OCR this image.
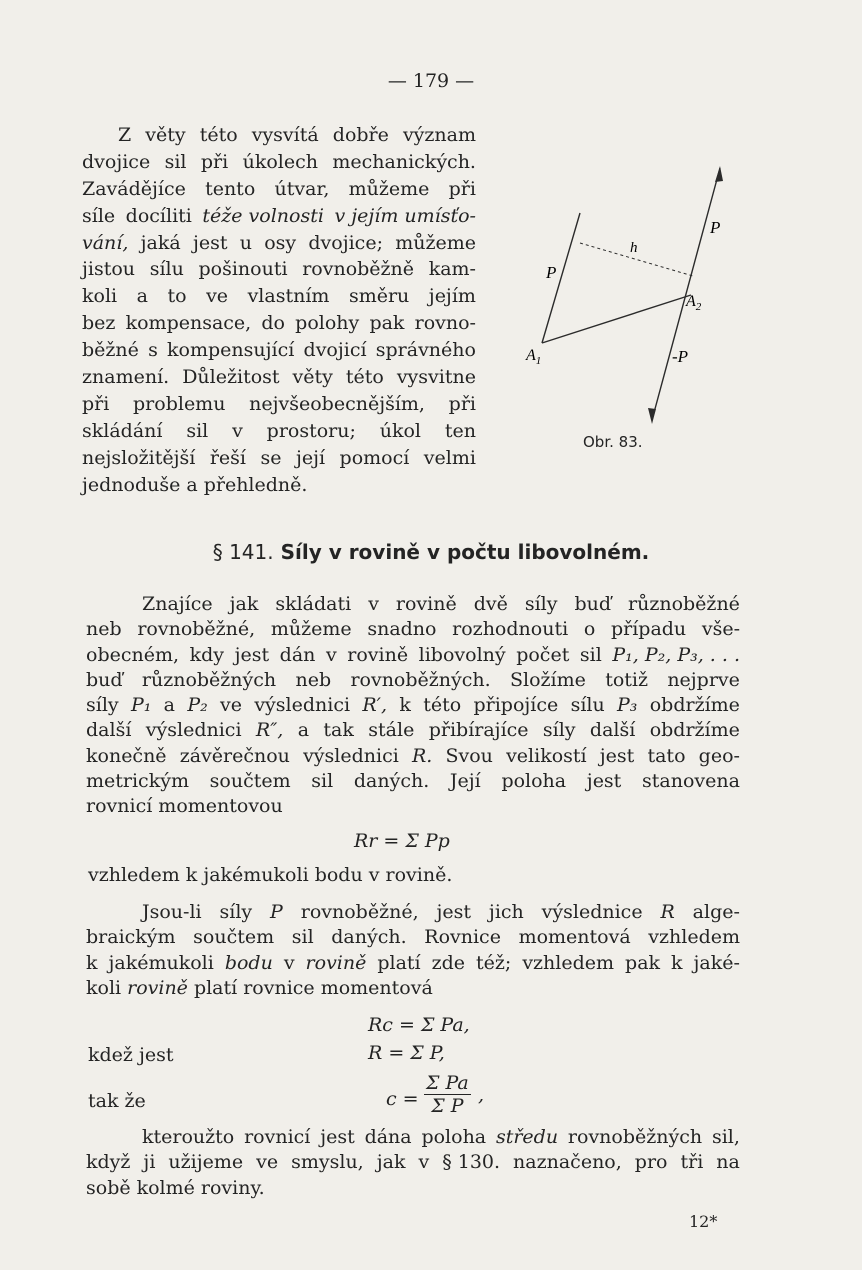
— 179 —
Z věty této vysvítá dobře význam
dvojice sil při úkolech mechanických.
Zavádějíce tento útvar, můžeme při
síle docíliti téže volnosti v jejím umísťo-
vání, jaká jest u osy dvojice; můžeme
jistou sílu pošinouti rovnoběžně kam-
koli a to ve vlastním směru jejím
bez kompensace, do polohy pak rovno-
běžné s kompensující dvojicí správného
znamení. Důležitost věty této vysvitne
při problemu nejvšeobecnějším, při
skládání sil v prostoru; úkol ten
nejsložitější řeší se její pomocí velmi
jednoduše a přehledně.
P
P
h
$A_1$
$A_2$
-P
Obr. 83.
§ 141. Síly v rovině v počtu libovolném.
Znajíce jak skládati v rovině dvě síly buď různoběžné
neb rovnoběžné, můžeme snadno rozhodnouti o případu vše-
obecném, kdy jest dán v rovině libovolný počet sil P₁, P₂, P₃, . . .
buď různoběžných neb rovnoběžných. Složíme totiž nejprve
síly P₁ a P₂ ve výslednici R′, k této připojíce sílu P₃ obdržíme
další výslednici R″, a tak stále přibírajíce síly další obdržíme
konečně závěrečnou výslednici R. Svou velikostí jest tato geo-
metrickým součtem sil daných. Její poloha jest stanovena
rovnicí momentovou
Rr = Σ Pp
vzhledem k jakémukoli bodu v rovině.
Jsou-li síly P rovnoběžné, jest jich výslednice R alge-
braickým součtem sil daných. Rovnice momentová vzhledem
k jakémukoli bodu v rovině platí zde též; vzhledem pak k jaké-
koli rovině platí rovnice momentová
Rc = Σ Pa,
kdež jest	R = Σ P,
tak že	$c = \frac{\text{Σ Pa}}{\text{Σ P}}$ ,
kteroužto rovnicí jest dána poloha středu rovnoběžných sil,
když ji užijeme ve smyslu, jak v § 130. naznačeno, pro tři na
sobě kolmé roviny.
12*
